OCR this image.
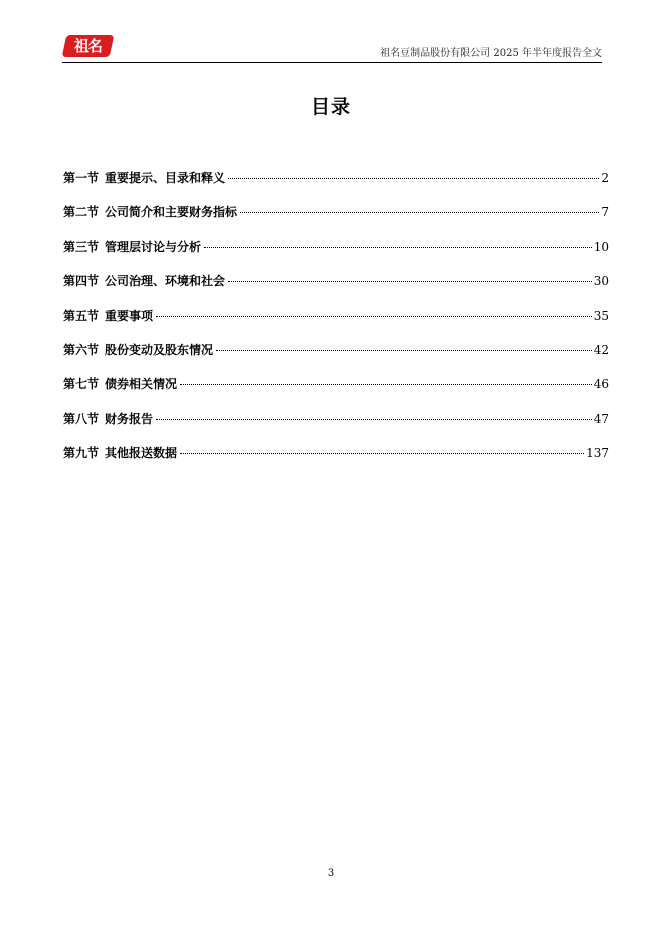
祖名	祖名豆制品股份有限公司 2025 年半年度报告全文
目录
第一节 重要提示、目录和释义	2
第二节 公司简介和主要财务指标	7
第三节 管理层讨论与分析	10
第四节 公司治理、环境和社会	30
第五节 重要事项	35
第六节 股份变动及股东情况	42
第七节 债券相关情况	46
第八节 财务报告	47
第九节 其他报送数据	137
3
